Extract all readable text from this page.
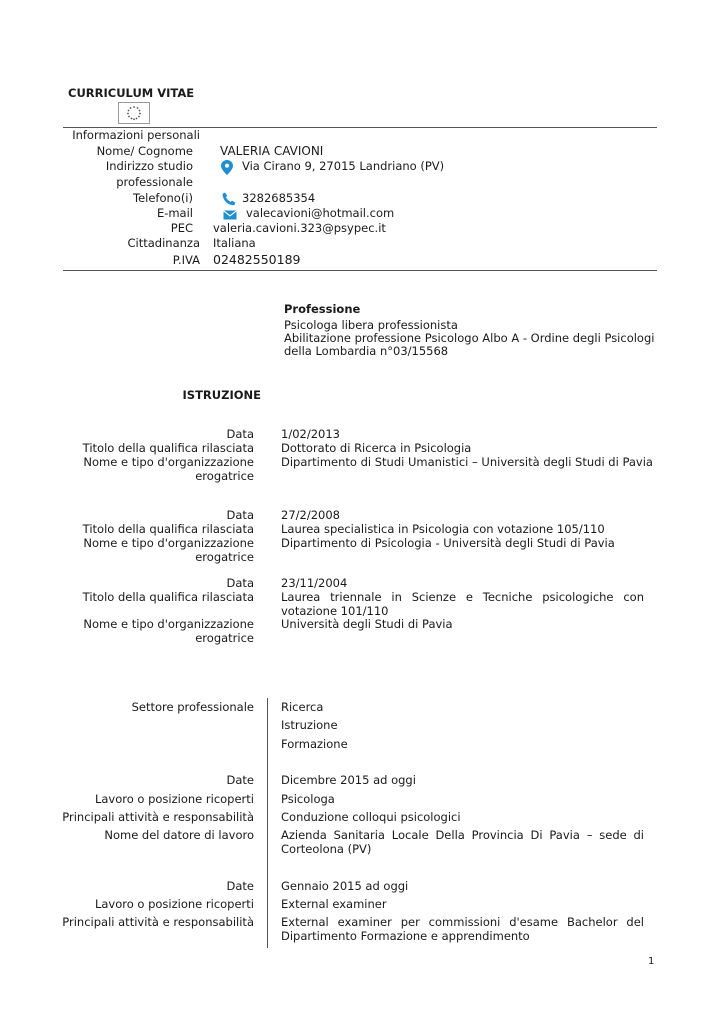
CURRICULUM VITAE
Informazioni personali
Nome/ Cognome VALERIA CAVIONI
Indirizzo studio
professionale
Via Cirano 9, 27015 Landriano (PV)
Telefono(i)	3282685354
E-mail	valecavioni@hotmail.com
PEC valeria.cavioni.323@psypec.it
Cittadinanza Italiana
P.IVA 02482550189
Professione
Psicologa libera professionista
Abilitazione professione Psicologo Albo A - Ordine degli Psicologi
della Lombardia n°03/15568
ISTRUZIONE
Data 1/02/2013
Titolo della qualifica rilasciata Dottorato di Ricerca in Psicologia
Nome e tipo d'organizzazione
erogatrice
Dipartimento di Studi Umanistici – Università degli Studi di Pavia
Data 27/2/2008
Titolo della qualifica rilasciata Laurea specialistica in Psicologia con votazione 105/110
Nome e tipo d'organizzazione
erogatrice
Dipartimento di Psicologia - Università degli Studi di Pavia
Data 23/11/2004
Titolo della qualifica rilasciata Laurea triennale in Scienze e Tecniche psicologiche con votazione 101/110
Nome e tipo d'organizzazione
erogatrice
Università degli Studi di Pavia
Settore professionale Ricerca
Istruzione
Formazione
Date Dicembre 2015 ad oggi
Lavoro o posizione ricoperti Psicologa
Principali attività e responsabilità Conduzione colloqui psicologici
Nome del datore di lavoro Azienda Sanitaria Locale Della Provincia Di Pavia – sede di Corteolona (PV)
Date Gennaio 2015 ad oggi
Lavoro o posizione ricoperti External examiner
Principali attività e responsabilità External examiner per commissioni d'esame Bachelor del Dipartimento Formazione e apprendimento
1
